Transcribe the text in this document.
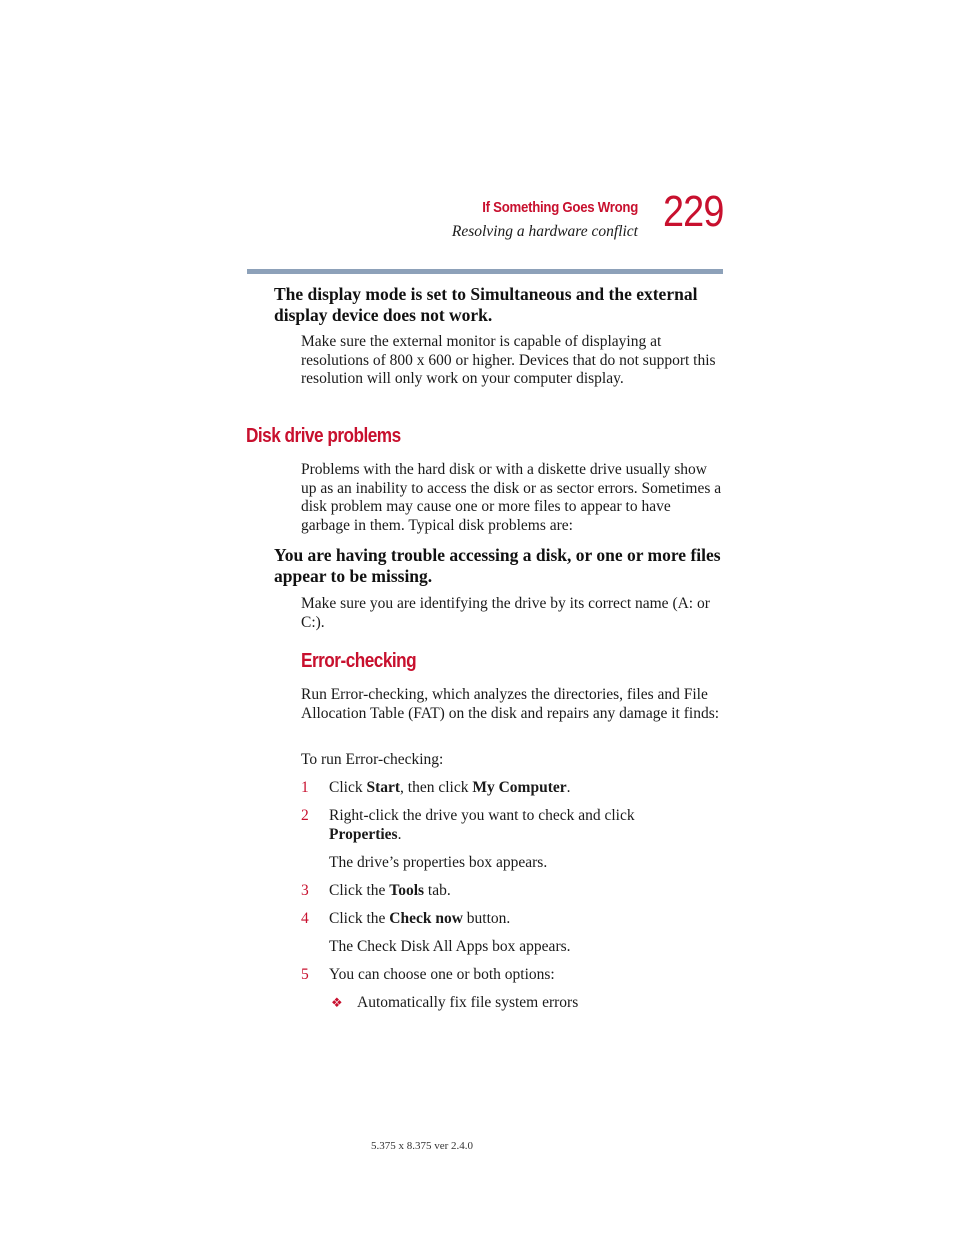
If Something Goes Wrong
Resolving a hardware conflict 229
The display mode is set to Simultaneous and the external display device does not work.
Make sure the external monitor is capable of displaying at resolutions of 800 x 600 or higher. Devices that do not support this resolution will only work on your computer display.
Disk drive problems
Problems with the hard disk or with a diskette drive usually show up as an inability to access the disk or as sector errors. Sometimes a disk problem may cause one or more files to appear to have garbage in them. Typical disk problems are:
You are having trouble accessing a disk, or one or more files appear to be missing.
Make sure you are identifying the drive by its correct name (A: or C:).
Error-checking
Run Error-checking, which analyzes the directories, files and File Allocation Table (FAT) on the disk and repairs any damage it finds:
To run Error-checking:
1 Click Start, then click My Computer.
2 Right-click the drive you want to check and click Properties.
The drive’s properties box appears.
3 Click the Tools tab.
4 Click the Check now button.
The Check Disk All Apps box appears.
5 You can choose one or both options:
❖ Automatically fix file system errors
5.375 x 8.375 ver 2.4.0
